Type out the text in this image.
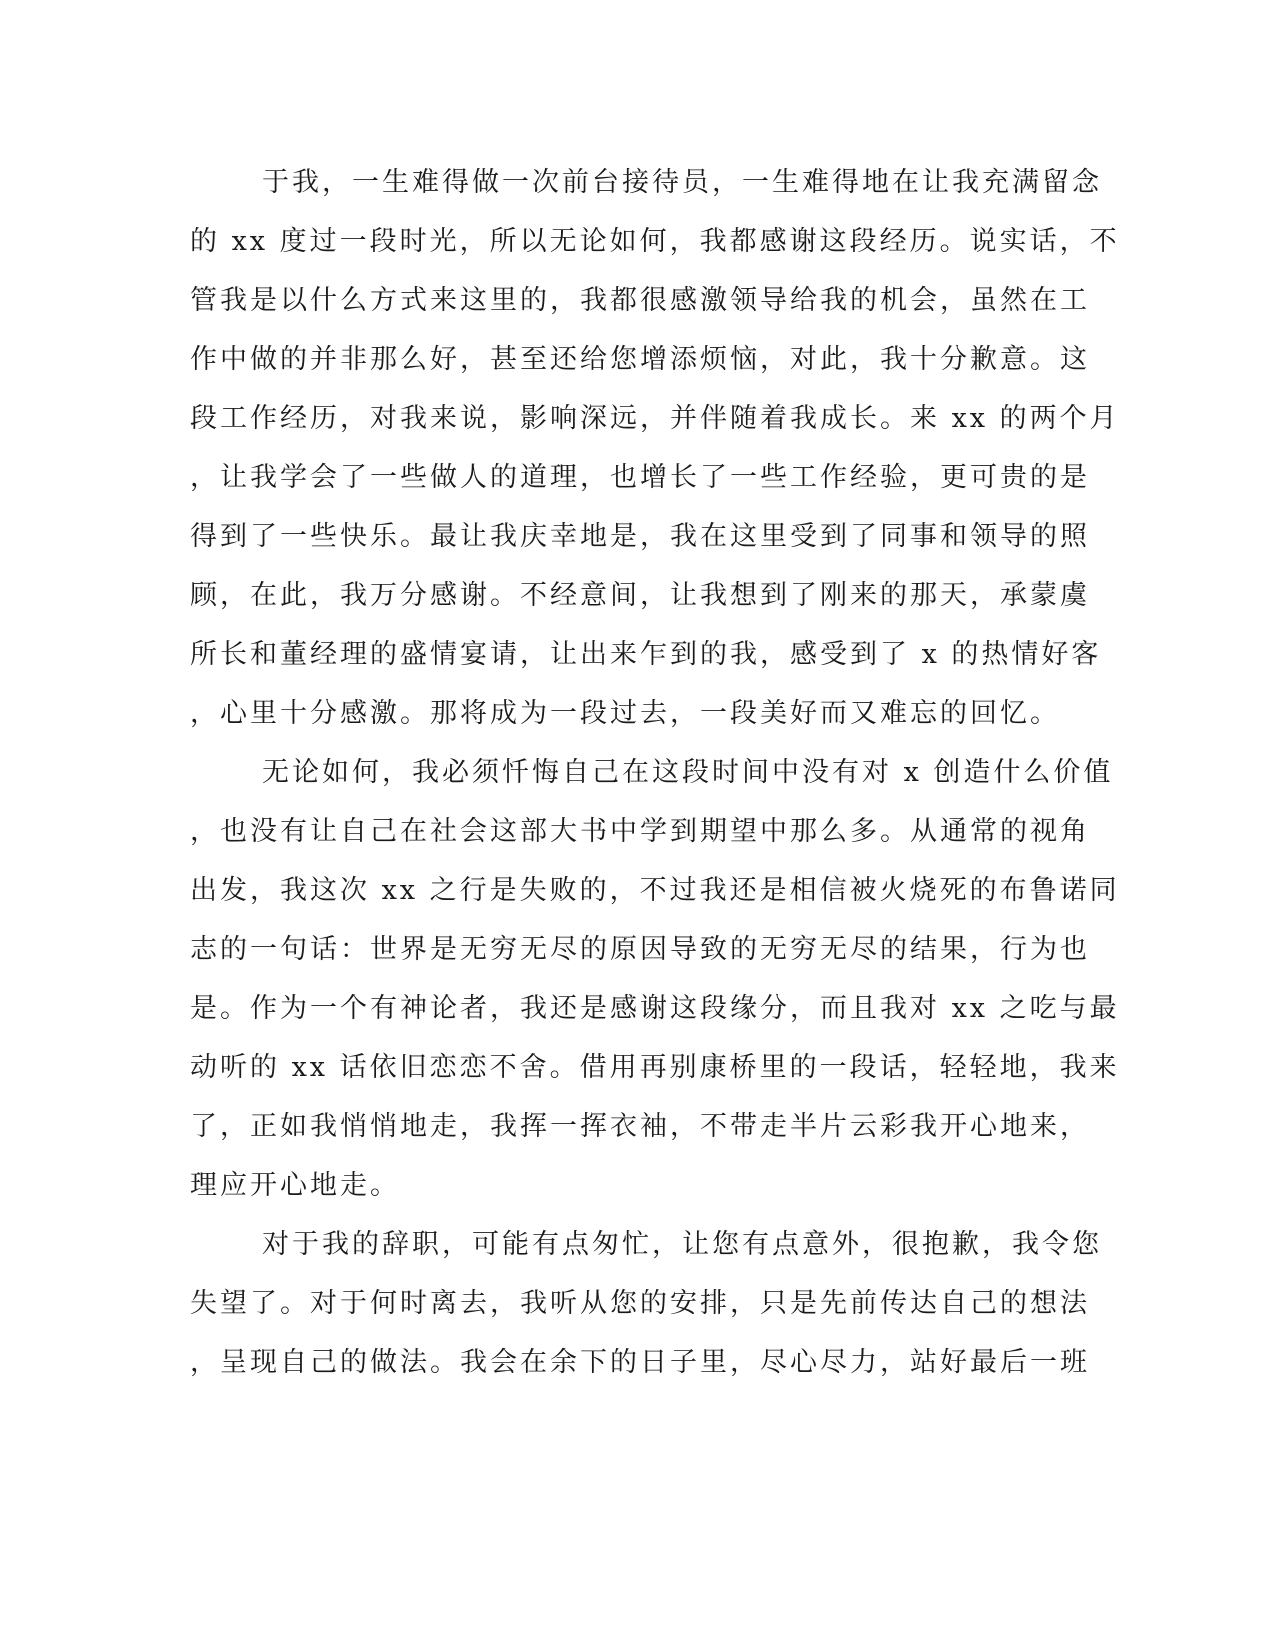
于我，一生难得做一次前台接待员，一生难得地在让我充满留念
的 xx 度过一段时光，所以无论如何，我都感谢这段经历。说实话，不
管我是以什么方式来这里的，我都很感激领导给我的机会，虽然在工
作中做的并非那么好，甚至还给您增添烦恼，对此，我十分歉意。这
段工作经历，对我来说，影响深远，并伴随着我成长。来 xx 的两个月
，让我学会了一些做人的道理，也增长了一些工作经验，更可贵的是
得到了一些快乐。最让我庆幸地是，我在这里受到了同事和领导的照
顾，在此，我万分感谢。不经意间，让我想到了刚来的那天，承蒙虞
所长和董经理的盛情宴请，让出来乍到的我，感受到了 x 的热情好客
，心里十分感激。那将成为一段过去，一段美好而又难忘的回忆。
无论如何，我必须忏悔自己在这段时间中没有对 x 创造什么价值
，也没有让自己在社会这部大书中学到期望中那么多。从通常的视角
出发，我这次 xx 之行是失败的，不过我还是相信被火烧死的布鲁诺同
志的一句话：世界是无穷无尽的原因导致的无穷无尽的结果，行为也
是。作为一个有神论者，我还是感谢这段缘分，而且我对 xx 之吃与最
动听的 xx 话依旧恋恋不舍。借用再别康桥里的一段话，轻轻地，我来
了，正如我悄悄地走，我挥一挥衣袖，不带走半片云彩我开心地来，
理应开心地走。
对于我的辞职，可能有点匆忙，让您有点意外，很抱歉，我令您
失望了。对于何时离去，我听从您的安排，只是先前传达自己的想法
，呈现自己的做法。我会在余下的日子里，尽心尽力，站好最后一班
